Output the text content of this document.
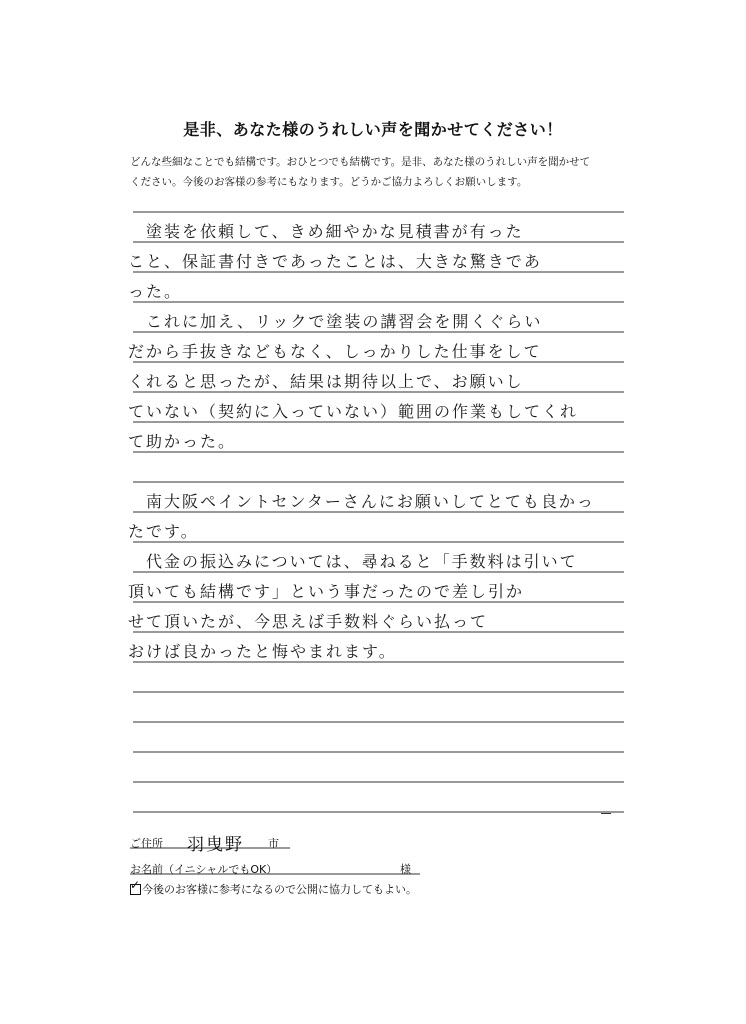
是非、あなた様のうれしい声を聞かせてください！
どんな些細なことでも結構です。おひとつでも結構です。是非、あなた様のうれしい声を聞かせて
ください。今後のお客様の参考にもなります。どうかご協力よろしくお願いします。

　塗装を依頼して、きめ細やかな見積書が有った

こと、保証書付きであったことは、大きな驚きであ

った。

　これに加え、リックで塗装の講習会を開くぐらい

だから手抜きなどもなく、しっかりした仕事をして

くれると思ったが、結果は期待以上で、お願いし

ていない（契約に入っていない）範囲の作業もしてくれ

て助かった。

　南大阪ペイントセンターさんにお願いしてとても良かっ

たです。

　代金の振込みについては、尋ねると「手数料は引いて

頂いても結構です」という事だったので差し引か

せて頂いたが、今思えば手数料ぐらい払って

おけば良かったと悔やまれます。

ご住所 羽曳野 市

お名前（イニシャルでもOK）	様

✓ 今後のお客様に参考になるので公開に協力してもよい。
